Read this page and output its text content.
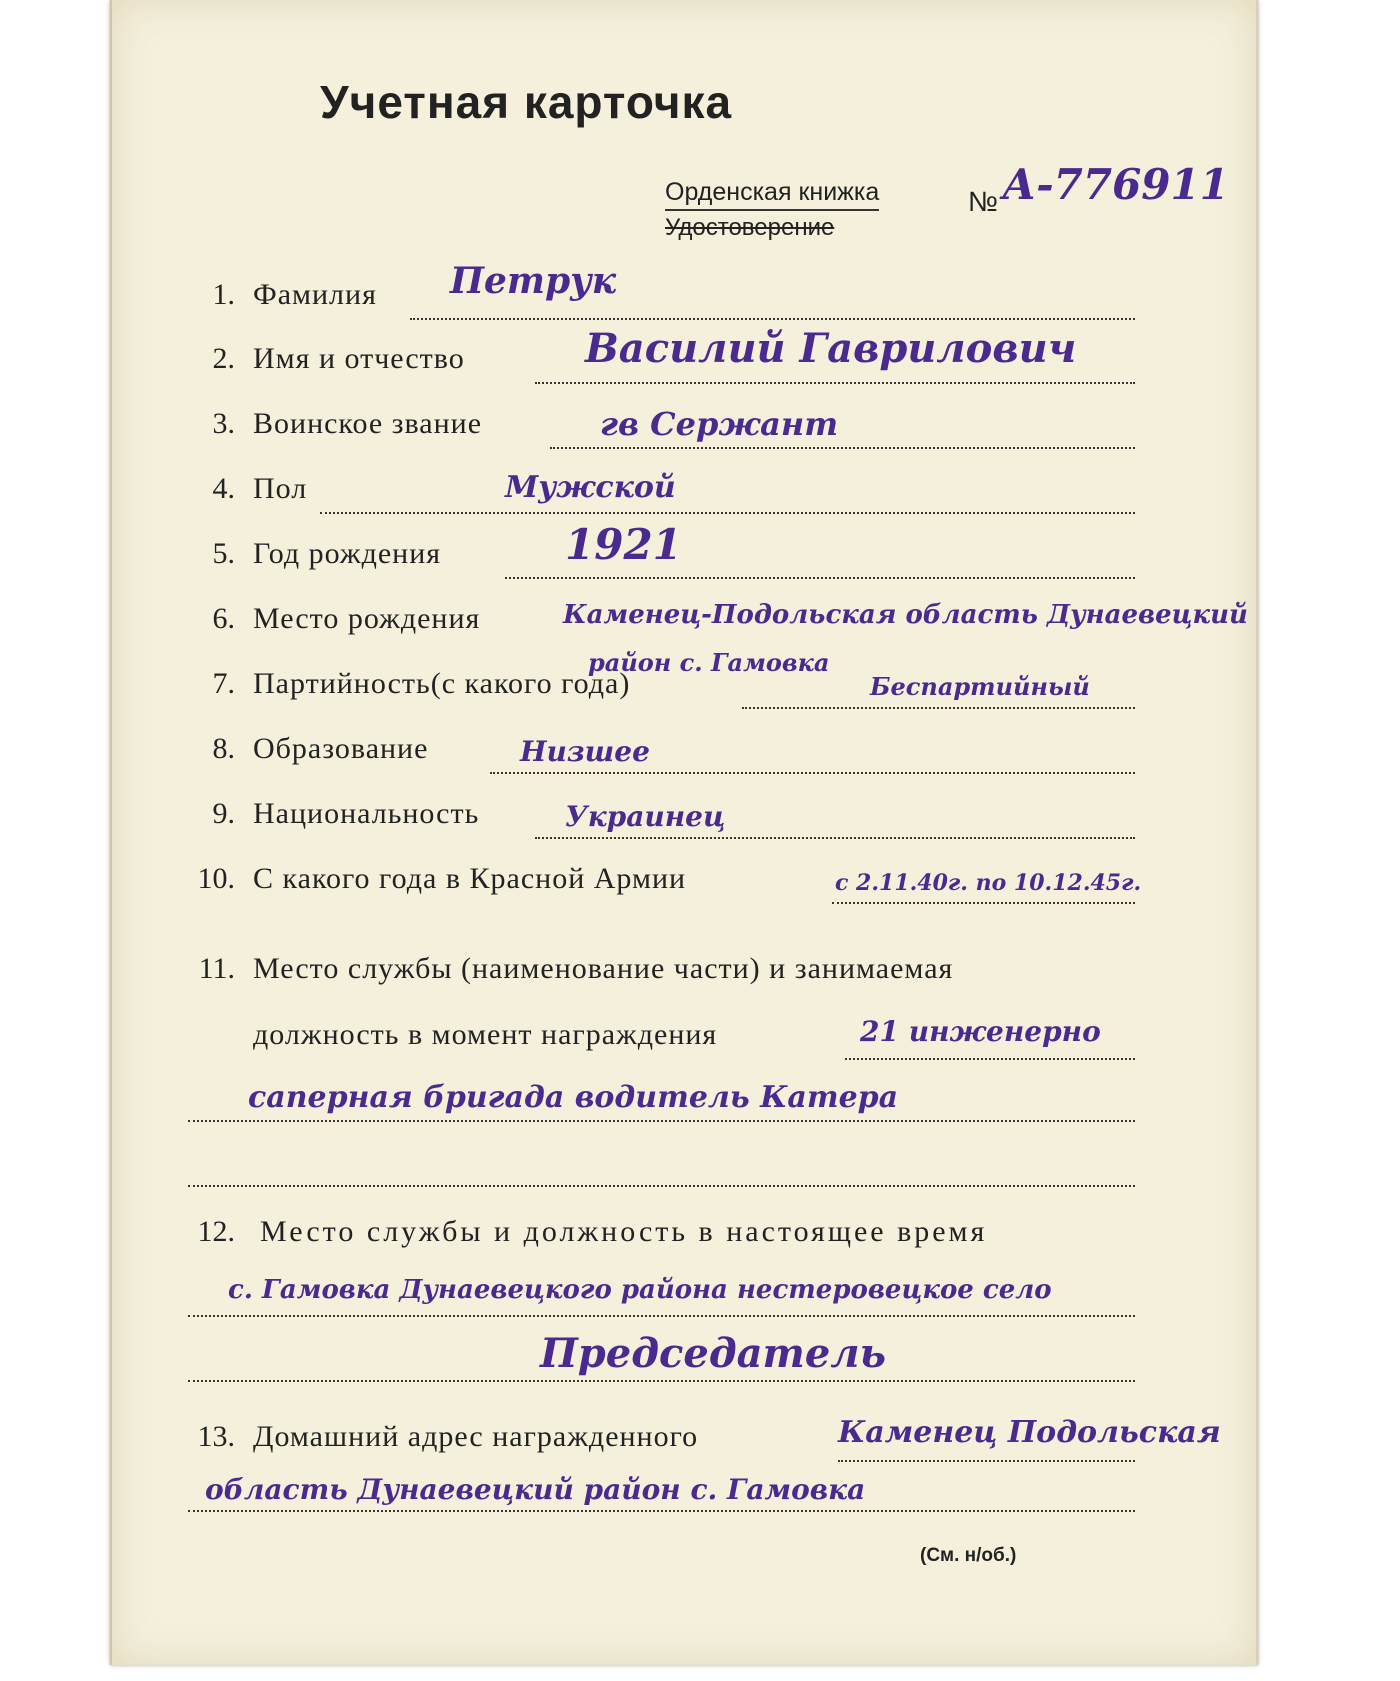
Учетная карточка
Орденская книжка
Удостоверение
№ А-776911
1. Фамилия Петрук
2. Имя и отчество	Василий Гаврилович
3. Воинское звание	гв Сержант
4. Пол	Мужской
5. Год рождения	1921
6. Место рождения	Каменец-Подольская область Дунаевецкий
район с. Гамовка
7. Партийность(с какого года)	Беспартийный
8. Образование	Низшее
9. Национальность	Украинец
10. С какого года в Красной Армии	с 2.11.40г. по 10.12.45г.
11. Место службы (наименование части) и занимаемая
должность в момент награждения	21 инженерно
саперная бригада водитель Катера
12. Место службы и должность в настоящее время
с. Гамовка Дунаевецкого района нестеровецкое село
Председатель
13. Домашний адрес награжденного	Каменец Подольская
область Дунаевецкий район с. Гамовка
(См. н/об.)
